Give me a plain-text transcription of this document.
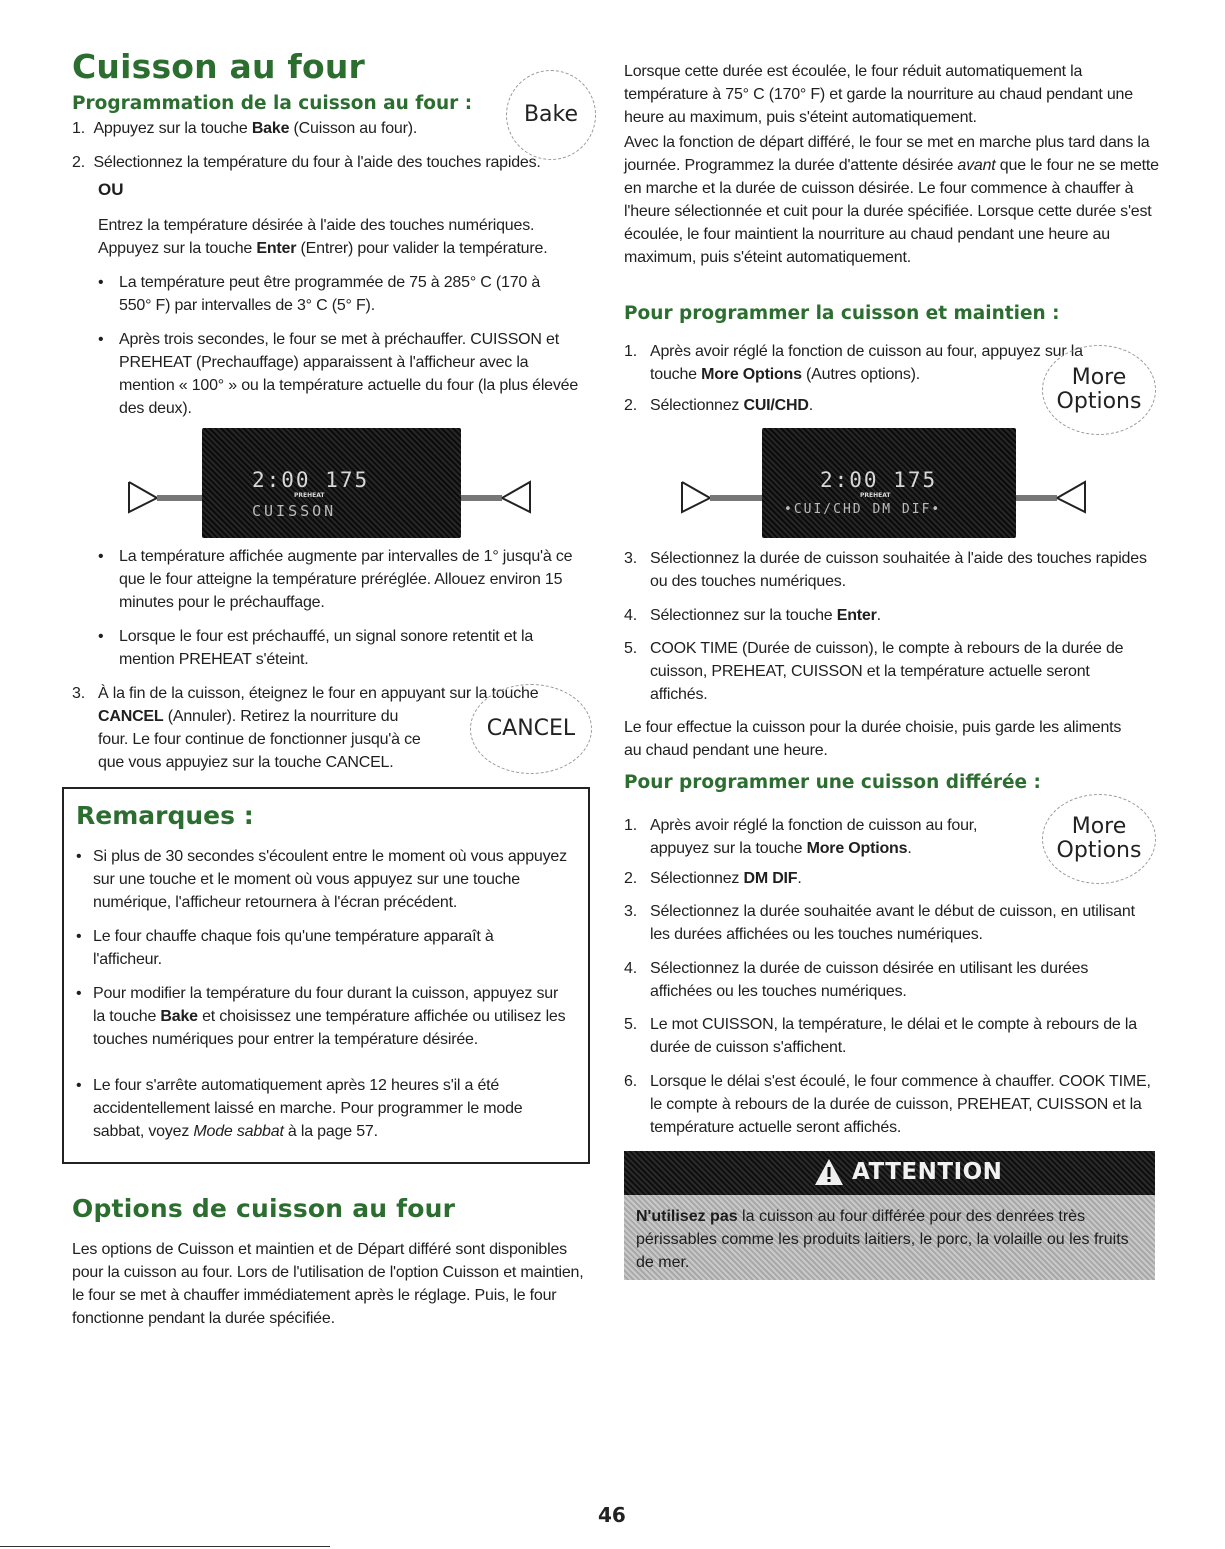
Cuisson au four
Programmation de la cuisson au four : Bake
1. Appuyez sur la touche Bake (Cuisson au four).
2. Sélectionnez la température du four à l'aide des touches rapides.
OU
Entrez la température désirée à l'aide des touches numériques.
Appuyez sur la touche Enter (Entrer) pour valider la température.
• La température peut être programmée de 75 à 285° C (170 à 550° F) par intervalles de 3° C (5° F).
• Après trois secondes, le four se met à préchauffer. CUISSON et PREHEAT (Prechauffage) apparaissent à l'afficheur avec la mention « 100° » ou la température actuelle du four (la plus élevée des deux).
2:00 175
PREHEAT
CUISSON
• La température affichée augmente par intervalles de 1° jusqu'à ce que le four atteigne la température préréglée. Allouez environ 15 minutes pour le préchauffage.
• Lorsque le four est préchauffé, un signal sonore retentit et la mention PREHEAT s'éteint.
3. À la fin de la cuisson, éteignez le four en appuyant sur la touche
CANCEL (Annuler). Retirez la nourriture du
four. Le four continue de fonctionner jusqu'à ce
que vous appuyiez sur la touche CANCEL.
CANCEL
Remarques :
• Si plus de 30 secondes s'écoulent entre le moment où vous appuyez sur une touche et le moment où vous appuyez sur une touche numérique, l'afficheur retournera à l'écran précédent.
• Le four chauffe chaque fois qu'une température apparaît à l'afficheur.
• Pour modifier la température du four durant la cuisson, appuyez sur la touche Bake et choisissez une température affichée ou utilisez les touches numériques pour entrer la température désirée.
• Le four s'arrête automatiquement après 12 heures s'il a été accidentellement laissé en marche. Pour programmer le mode sabbat, voyez Mode sabbat à la page 57.
Options de cuisson au four
Les options de Cuisson et maintien et de Départ différé sont disponibles pour la cuisson au four. Lors de l'utilisation de l'option Cuisson et maintien, le four se met à chauffer immédiatement après le réglage. Puis, le four fonctionne pendant la durée spécifiée.
Lorsque cette durée est écoulée, le four réduit automatiquement la température à 75° C (170° F) et garde la nourriture au chaud pendant une heure au maximum, puis s'éteint automatiquement.
Avec la fonction de départ différé, le four se met en marche plus tard dans la journée. Programmez la durée d'attente désirée avant que le four ne se mette en marche et la durée de cuisson désirée. Le four commence à chauffer à l'heure sélectionnée et cuit pour la durée spécifiée. Lorsque cette durée s'est écoulée, le four maintient la nourriture au chaud pendant une heure au maximum, puis s'éteint automatiquement.
Pour programmer la cuisson et maintien :
1. Après avoir réglé la fonction de cuisson au four, appuyez sur la
touche More Options (Autres options).
2. Sélectionnez CUI/CHD.
More
Options
2:00 175
PREHEAT
•CUI/CHD DM DIF•
3. Sélectionnez la durée de cuisson souhaitée à l'aide des touches rapides ou des touches numériques.
4. Sélectionnez sur la touche Enter.
5. COOK TIME (Durée de cuisson), le compte à rebours de la durée de cuisson, PREHEAT, CUISSON et la température actuelle seront affichés.
Le four effectue la cuisson pour la durée choisie, puis garde les aliments au chaud pendant une heure.
Pour programmer une cuisson différée :
1. Après avoir réglé la fonction de cuisson au four,
appuyez sur la touche More Options.
More
Options
2. Sélectionnez DM DIF.
3. Sélectionnez la durée souhaitée avant le début de cuisson, en utilisant les durées affichées ou les touches numériques.
4. Sélectionnez la durée de cuisson désirée en utilisant les durées affichées ou les touches numériques.
5. Le mot CUISSON, la température, le délai et le compte à rebours de la durée de cuisson s'affichent.
6. Lorsque le délai s'est écoulé, le four commence à chauffer. COOK TIME, le compte à rebours de la durée de cuisson, PREHEAT, CUISSON et la température actuelle seront affichés.
ATTENTION
N'utilisez pas la cuisson au four différée pour des denrées très périssables comme les produits laitiers, le porc, la volaille ou les fruits de mer.
46
